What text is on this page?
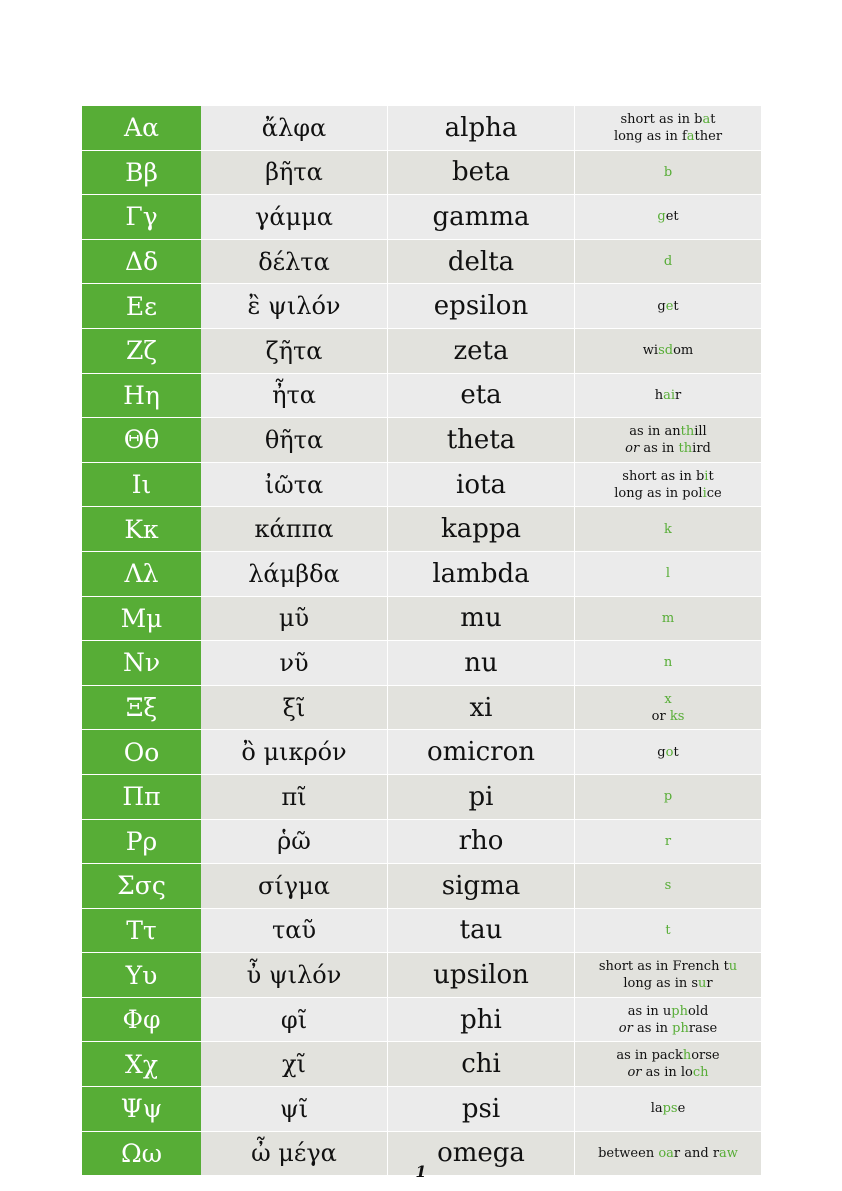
Αα	ἄλφα	alpha	short as in bat
long as in father

Ββ	βῆτα	beta	b

Γγ	γάμμα	gamma	get

Δδ	δέλτα	delta	d

Εε	ἒ ψιλόν	epsilon	get

Ζζ	ζῆτα	zeta	wisdom

Ηη	ἦτα	eta	hair

Θθ	θῆτα	theta	as in anthill
or as in third

Ιι	ἰῶτα	iota	short as in bit
long as in police

Κκ	κάππα	kappa	k

Λλ	λάμβδα	lambda	l

Μμ	μῦ	mu	m

Νν	νῦ	nu	n

Ξξ	ξῖ	xi	x
or ks

Οο	ὂ μικρόν	omicron	got

Ππ	πῖ	pi	p

Ρρ	ῥῶ	rho	r

Σσς	σίγμα	sigma	s

Ττ	ταῦ	tau	t

Υυ	ὖ ψιλόν	upsilon	short as in French tu
long as in sur

Φφ	φῖ	phi	as in uphold
or as in phrase

Χχ	χῖ	chi	as in packhorse
or as in loch

Ψψ	ψῖ	psi	lapse

Ωω	ὦ μέγα	omega	between oar and raw
1
